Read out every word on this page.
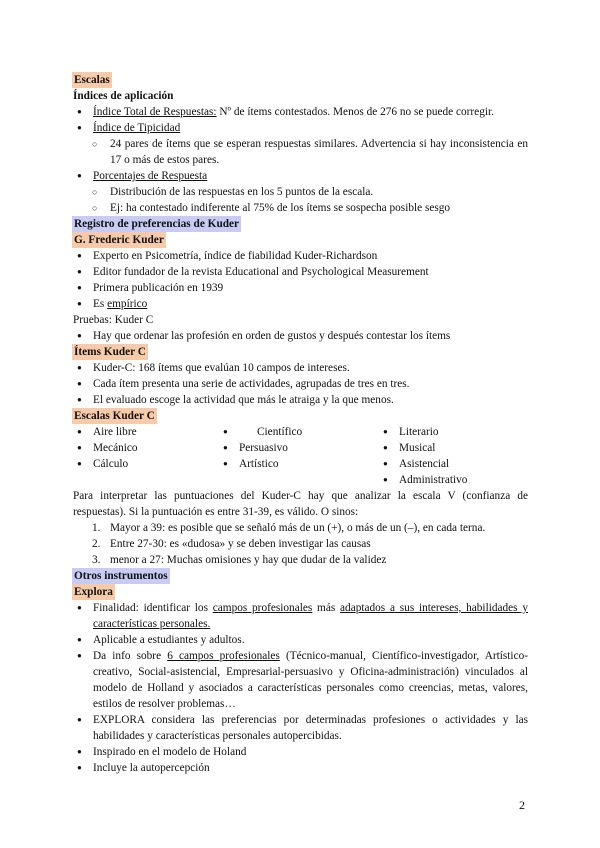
Escalas
Índices de aplicación
● Índice Total de Respuestas: Nº de ítems contestados. Menos de 276 no se puede corregir.
● Índice de Tipicidad
○ 24 pares de ítems que se esperan respuestas similares. Advertencia si hay inconsistencia en 17 o más de estos pares.
● Porcentajes de Respuesta
○ Distribución de las respuestas en los 5 puntos de la escala.
○ Ej: ha contestado indiferente al 75% de los ítems se sospecha posible sesgo
Registro de preferencias de Kuder
G. Frederic Kuder
● Experto en Psicometría, índice de fiabilidad Kuder-Richardson
● Editor fundador de la revista Educational and Psychological Measurement
● Primera publicación en 1939
● Es empírico
Pruebas: Kuder C
● Hay que ordenar las profesión en orden de gustos y después contestar los ítems
Ítems Kuder C
● Kuder-C: 168 ítems que evalúan 10 campos de intereses.
● Cada ítem presenta una serie de actividades, agrupadas de tres en tres.
● El evaluado escoge la actividad que más le atraiga y la que menos.
Escalas Kuder C
● Aire libre
● Mecánico
● Cálculo
● Científico
● Persuasivo
● Artístico
● Literario
● Musical
● Asistencial
● Administrativo
Para interpretar las puntuaciones del Kuder-C hay que analizar la escala V (confianza de respuestas). Si la puntuación es entre 31-39, es válido. O sinos:
1. Mayor a 39: es posible que se señaló más de un (+), o más de un (–), en cada terna.
2. Entre 27-30: es «dudosa» y se deben investigar las causas
3. menor a 27: Muchas omisiones y hay que dudar de la validez
Otros instrumentos
Explora
● Finalidad: identificar los campos profesionales más adaptados a sus intereses, habilidades y características personales.
● Aplicable a estudiantes y adultos.
● Da info sobre 6 campos profesionales (Técnico-manual, Científico-investigador, Artístico-creativo, Social-asistencial, Empresarial-persuasivo y Oficina-administración) vinculados al modelo de Holland y asociados a características personales como creencias, metas, valores, estilos de resolver problemas…
● EXPLORA considera las preferencias por determinadas profesiones o actividades y las habilidades y características personales autopercibidas.
● Inspirado en el modelo de Holand
● Incluye la autopercepción
2
